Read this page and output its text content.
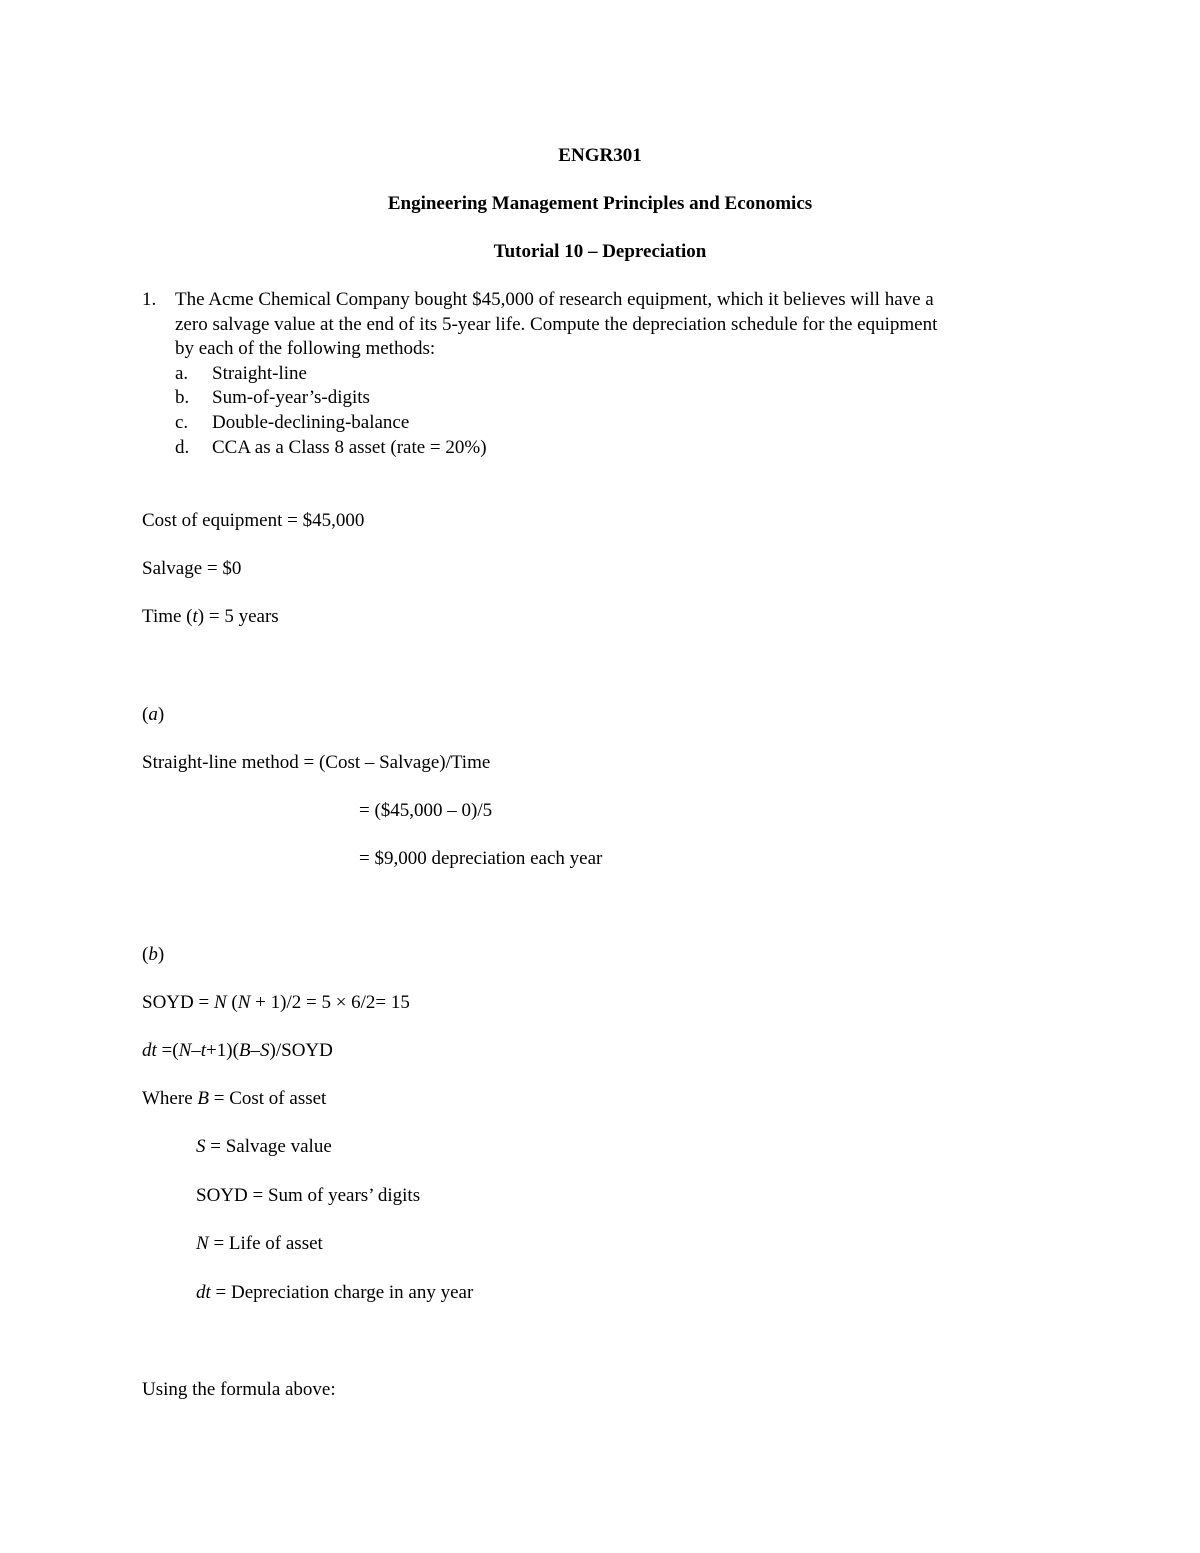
ENGR301
Engineering Management Principles and Economics
Tutorial 10 – Depreciation
1. The Acme Chemical Company bought $45,000 of research equipment, which it believes will have a
zero salvage value at the end of its 5-year life. Compute the depreciation schedule for the equipment
by each of the following methods:
a. Straight-line
b. Sum-of-year’s-digits
c. Double-declining-balance
d. CCA as a Class 8 asset (rate = 20%)
Cost of equipment = $45,000
Salvage = $0
Time (t) = 5 years
(a)
Straight-line method = (Cost – Salvage)/Time
= ($45,000 – 0)/5
= $9,000 depreciation each year
(b)
SOYD = N (N + 1)/2 = 5 × 6/2= 15
dt =(N–t+1)(B–S)/SOYD
Where B = Cost of asset
S = Salvage value
SOYD = Sum of years’ digits
N = Life of asset
dt = Depreciation charge in any year
Using the formula above:
